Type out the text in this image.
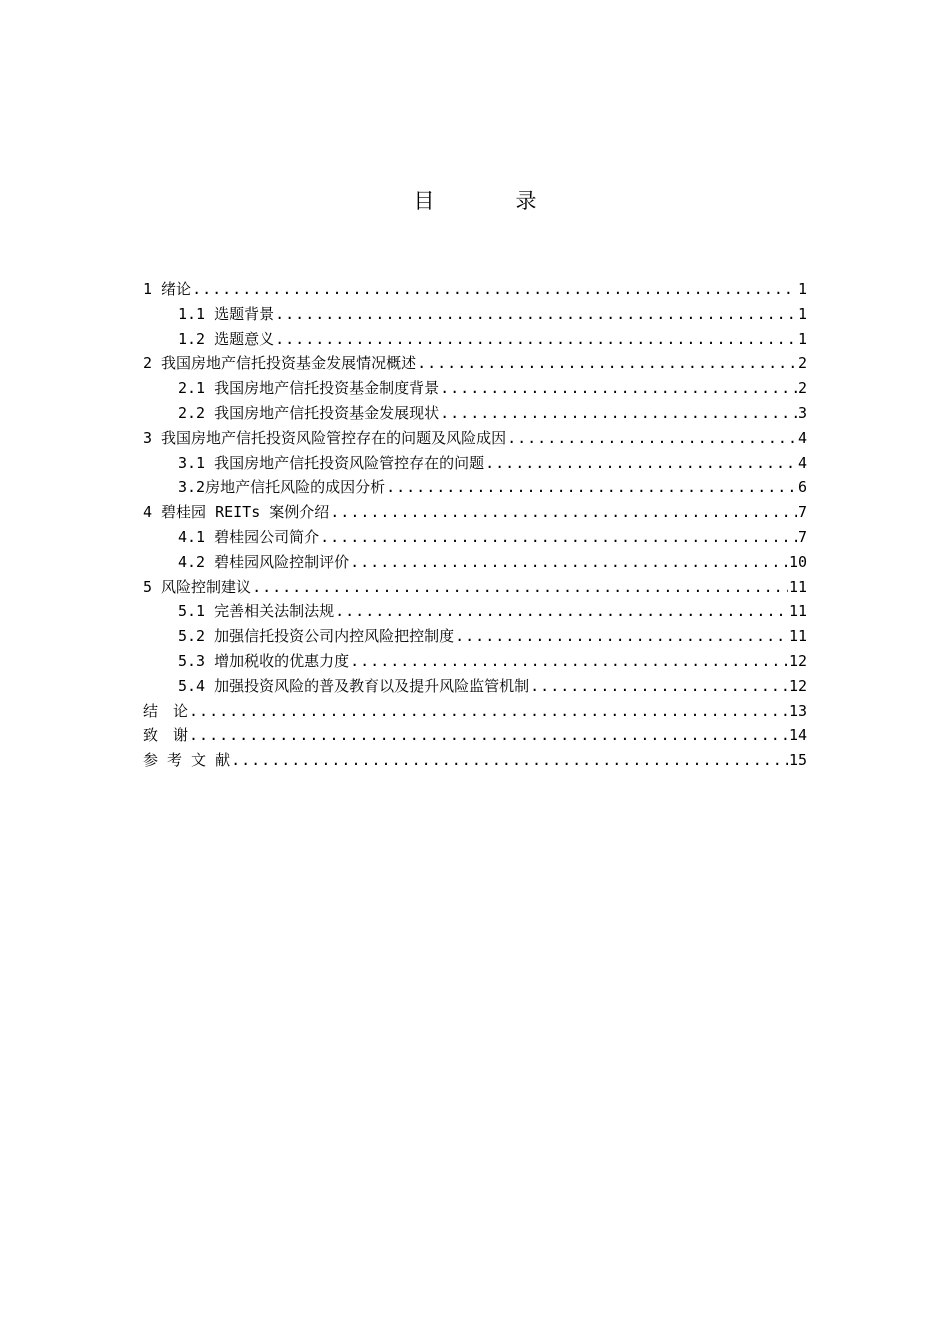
目　录
1 绪论 .....	1
1.1 选题背景 .....	1
1.2 选题意义 .....	1
2 我国房地产信托投资基金发展情况概述 .....	2
2.1 我国房地产信托投资基金制度背景 .....	2
2.2 我国房地产信托投资基金发展现状 .....	3
3 我国房地产信托投资风险管控存在的问题及风险成因 .....	4
3.1 我国房地产信托投资风险管控存在的问题 .....	4
3.2房地产信托风险的成因分析 .....	6
4 碧桂园 REITs 案例介绍 .....	7
4.1 碧桂园公司简介 .....	7
4.2 碧桂园风险控制评价 .....	10
5 风险控制建议 .....	11
5.1 完善相关法制法规 .....	11
5.2 加强信托投资公司内控风险把控制度 .....	11
5.3 增加税收的优惠力度 .....	12
5.4 加强投资风险的普及教育以及提升风险监管机制 .....	12
结　论 .....	13
致　谢 .....	14
参 考 文 献 .....	15
